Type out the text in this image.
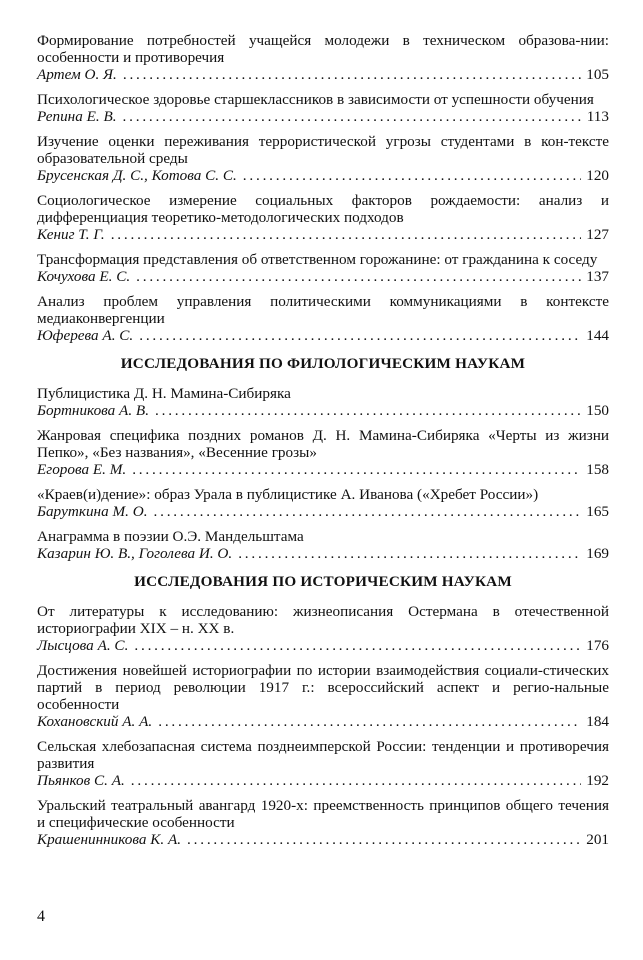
Формирование потребностей учащейся молодежи в техническом образова-нии: особенности и противоречия
Артем О. Я. . . .	105
Психологическое здоровье старшеклассников в зависимости от успешности обучения
Репина Е. В. . . .	113
Изучение оценки переживания террористической угрозы студентами в кон-тексте образовательной среды
Брусенская Д. С., Котова С. С. . . .	120
Социологическое измерение социальных факторов рождаемости: анализ и дифференциация теоретико-методологических подходов
Кениг Т. Г. . . .	127
Трансформация представления об ответственном горожанине: от гражданина к соседу
Кочухова Е. С. . . .	137
Анализ проблем управления политическими коммуникациями в контексте медиаконвергенции
Юферева А. С. . . .	144
ИССЛЕДОВАНИЯ ПО ФИЛОЛОГИЧЕСКИМ НАУКАМ
Публицистика Д. Н. Мамина-Сибиряка
Бортникова А. В. . . .	150
Жанровая специфика поздних романов Д. Н. Мамина-Сибиряка «Черты из жизни Пепко», «Без названия», «Весенние грозы»
Егорова Е. М. . . .	158
«Краев(и)дение»: образ Урала в публицистике А. Иванова («Хребет России»)
Барyткина М. О. . . .	165
Анаграмма в поэзии О.Э. Мандельштама
Казарин Ю. В., Гоголева И. О. . . .	169
ИССЛЕДОВАНИЯ ПО ИСТОРИЧЕСКИМ НАУКАМ
От литературы к исследованию: жизнеописания Остермана в отечественной историографии XIX – н. XX в.
Лысцова А. С. . . .	176
Достижения новейшей историографии по истории взаимодействия социали-стических партий в период революции 1917 г.: всероссийский аспект и регио-нальные особенности
Кохановский А. А. . . .	184
Сельская хлебозапасная система позднеимперской России: тенденции и противоречия развития
Пьянков С. А. . . .	192
Уральский театральный авангард 1920-х: преемственность принципов общего течения и специфические особенности
Крашенинникова К. А. . . .	201
4
